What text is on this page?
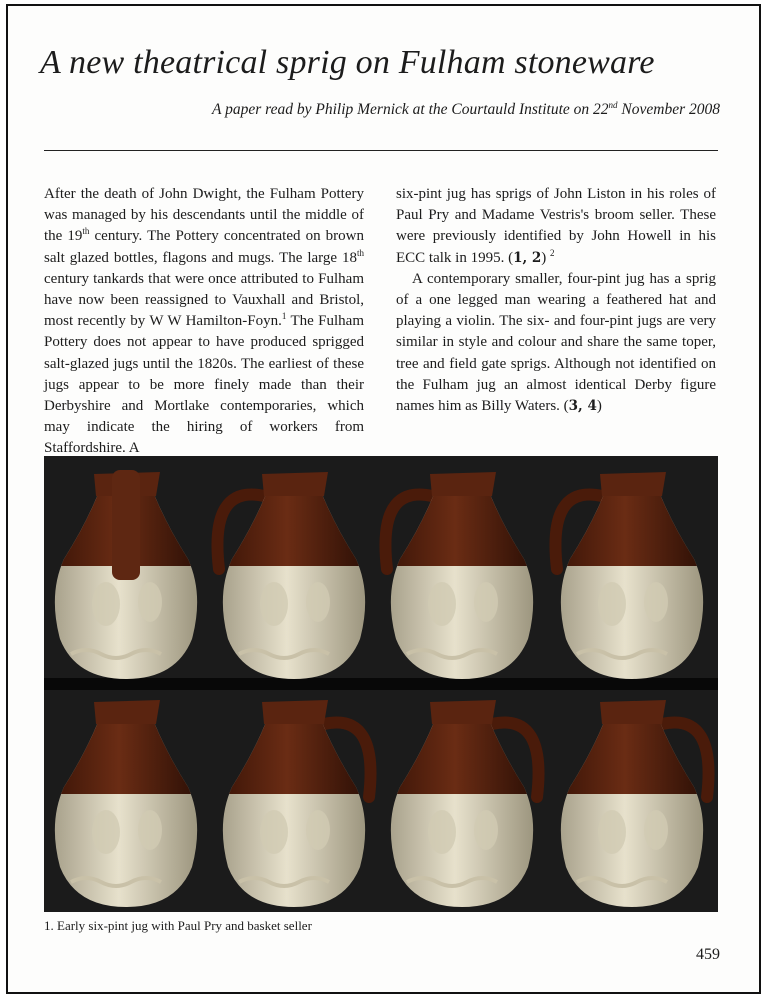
A new theatrical sprig on Fulham stoneware
A paper read by Philip Mernick at the Courtauld Institute on 22nd November 2008

After the death of John Dwight, the Fulham Pottery was managed by his descendants until the middle of the 19th century. The Pottery concentrated on brown salt glazed bottles, flagons and mugs. The large 18th century tankards that were once attributed to Fulham have now been reassigned to Vauxhall and Bristol, most recently by W W Hamilton-Foyn.$^1$ The Fulham Pottery does not appear to have produced sprigged salt-glazed jugs until the 1820s. The earliest of these jugs appear to be more finely made than their Derbyshire and Mortlake contemporaries, which may indicate the hiring of workers from Staffordshire. A

six-pint jug has sprigs of John Liston in his roles of Paul Pry and Madame Vestris's broom seller. These were previously identified by John Howell in his ECC talk in 1995. (1, 2) $^2$

A contemporary smaller, four-pint jug has a sprig of a one legged man wearing a feathered hat and playing a violin. The six- and four-pint jugs are very similar in style and colour and share the same toper, tree and field gate sprigs. Although not identified on the Fulham jug an almost identical Derby figure names him as Billy Waters. (3, 4)

1. Early six-pint jug with Paul Pry and basket seller
459
